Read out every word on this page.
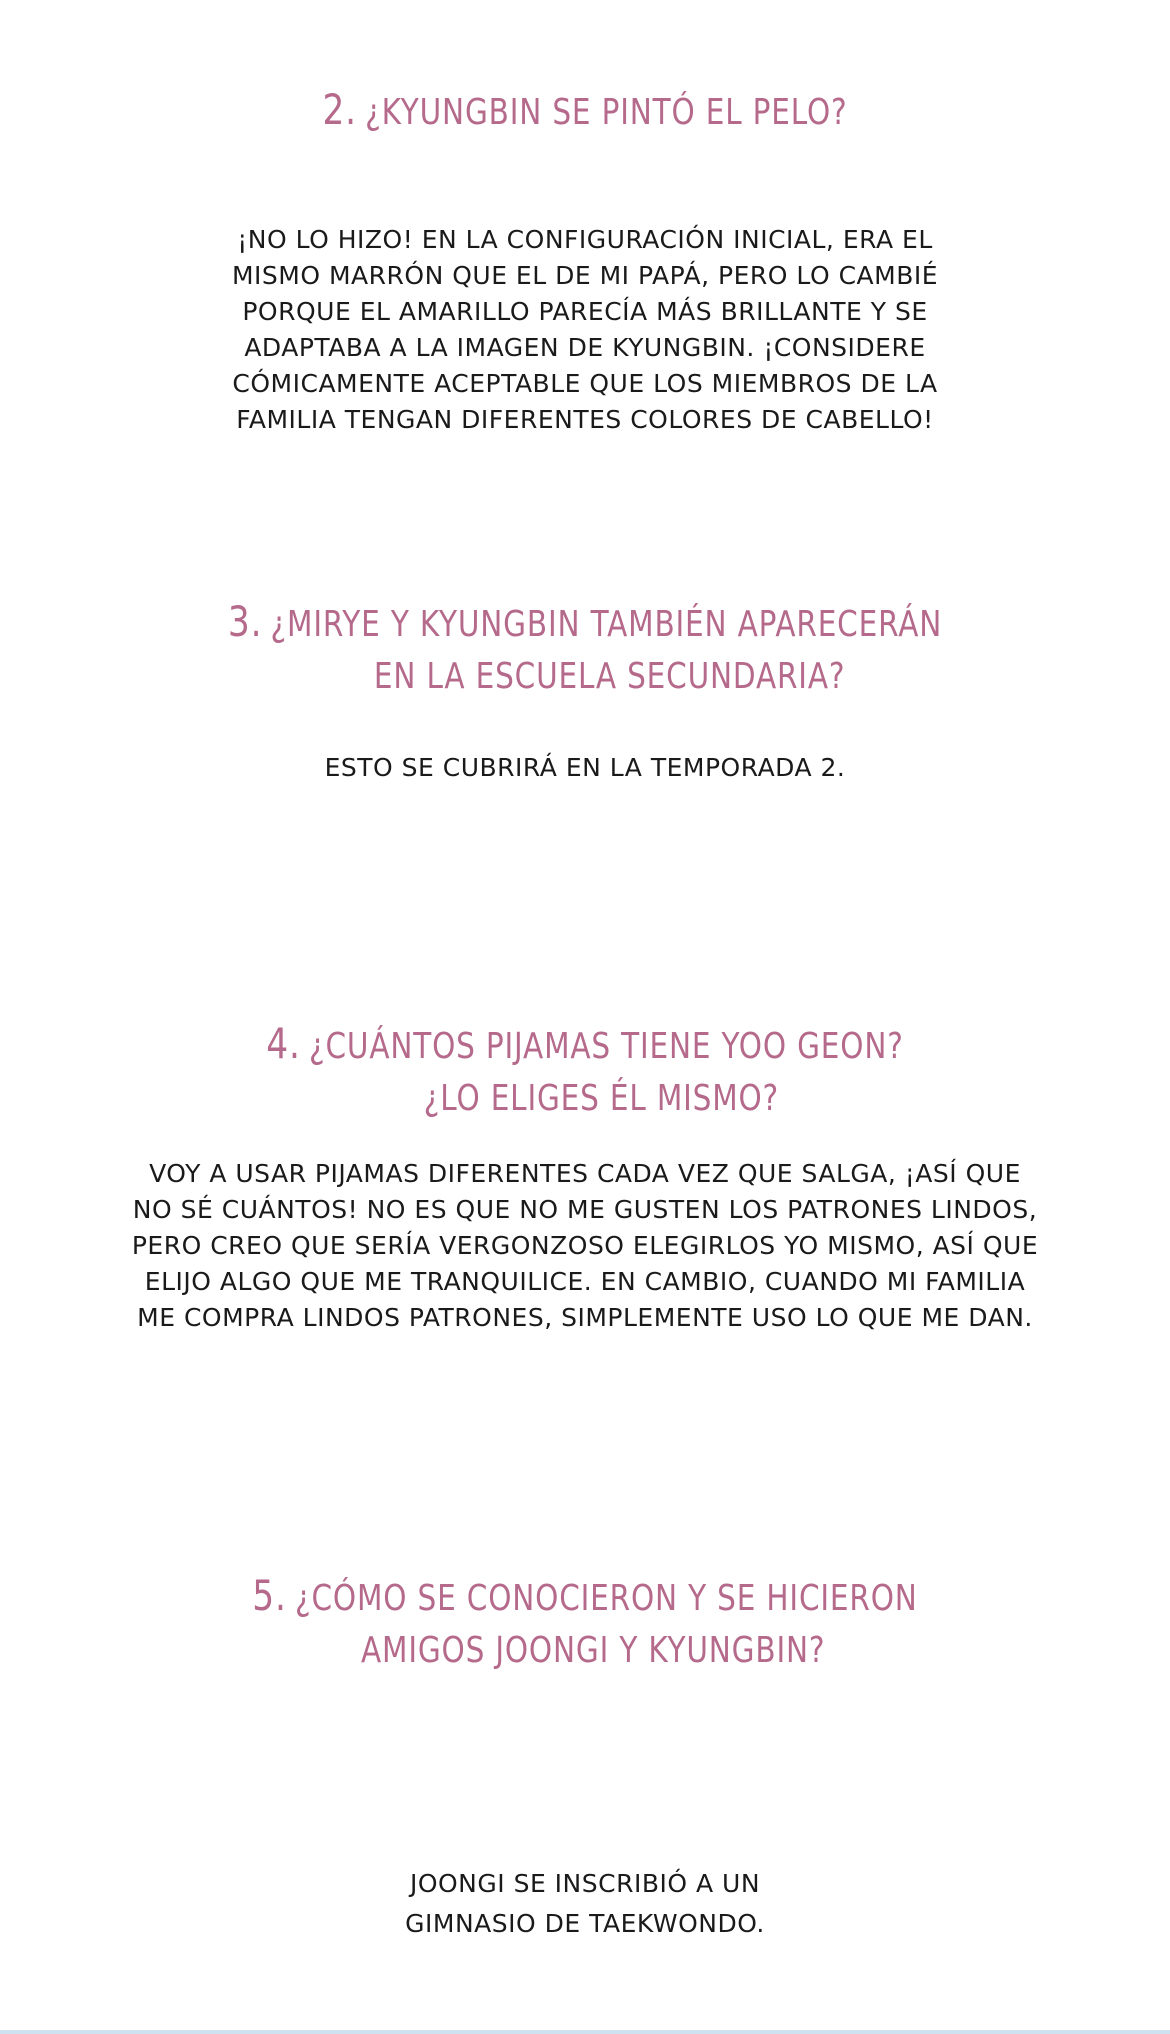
2. ¿KYUNGBIN SE PINTÓ EL PELO?
¡NO LO HIZO! EN LA CONFIGURACIÓN INICIAL, ERA EL
MISMO MARRÓN QUE EL DE MI PAPÁ, PERO LO CAMBIÉ
PORQUE EL AMARILLO PARECÍA MÁS BRILLANTE Y SE
ADAPTABA A LA IMAGEN DE KYUNGBIN. ¡CONSIDERE
CÓMICAMENTE ACEPTABLE QUE LOS MIEMBROS DE LA
FAMILIA TENGAN DIFERENTES COLORES DE CABELLO!
3. ¿MIRYE Y KYUNGBIN TAMBIÉN APARECERÁN
EN LA ESCUELA SECUNDARIA?
ESTO SE CUBRIRÁ EN LA TEMPORADA 2.
4. ¿CUÁNTOS PIJAMAS TIENE YOO GEON?
¿LO ELIGES ÉL MISMO?
VOY A USAR PIJAMAS DIFERENTES CADA VEZ QUE SALGA, ¡ASÍ QUE
NO SÉ CUÁNTOS! NO ES QUE NO ME GUSTEN LOS PATRONES LINDOS,
PERO CREO QUE SERÍA VERGONZOSO ELEGIRLOS YO MISMO, ASÍ QUE
ELIJO ALGO QUE ME TRANQUILICE. EN CAMBIO, CUANDO MI FAMILIA
ME COMPRA LINDOS PATRONES, SIMPLEMENTE USO LO QUE ME DAN.
5. ¿CÓMO SE CONOCIERON Y SE HICIERON
AMIGOS JOONGI Y KYUNGBIN?
JOONGI SE INSCRIBIÓ A UN
GIMNASIO DE TAEKWONDO.
